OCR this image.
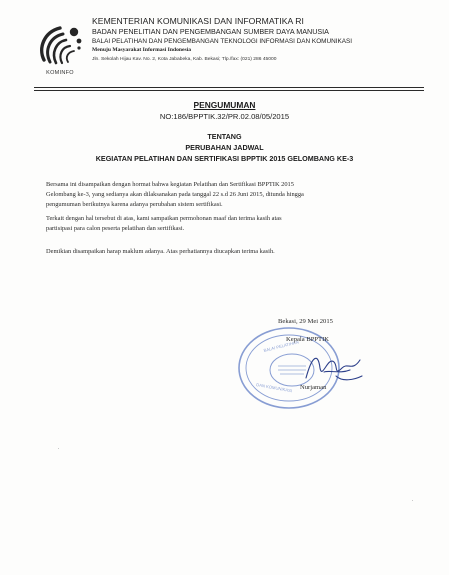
KOMINFO
KEMENTERIAN KOMUNIKASI DAN INFORMATIKA RI
BADAN PENELITIAN DAN PENGEMBANGAN SUMBER DAYA MANUSIA
BALAI PELATIHAN DAN PENGEMBANGAN TEKNOLOGI INFORMASI DAN KOMUNIKASI
Menuju Masyarakat Informasi Indonesia
Jln. Sekolah Hijau Kav. No. 2, Kota Jababeka, Kab. Bekasi; Tlp./fax: (021) 286 45000
PENGUMUMAN
NO:186/BPPTIK.32/PR.02.08/05/2015
TENTANG
PERUBAHAN JADWAL
KEGIATAN PELATIHAN DAN SERTIFIKASI BPPTIK 2015 GELOMBANG KE-3
Bersama ini disampaikan dengan hormat bahwa kegiatan Pelatihan dan Sertifikasi BPPTIK 2015
Gelombang ke-3, yang sedianya akan dilaksanakan pada tanggal 22 s.d 26 Juni 2015, ditunda hingga
pengumuman berikutnya karena adanya perubahan sistem sertifikasi.
Terkait dengan hal tersebut di atas, kami sampaikan permohonan maaf dan terima kasih atas
partisipasi para calon peserta pelatihan dan sertifikasi.
Demikian disampaikan harap maklum adanya. Atas perhatiannya diucapkan terima kasih.
BALAI PELATIHAN
DAN KOMUNIKASI
Bekasi, 29 Mei 2015
Kepala BPPTIK
Nurjaman
